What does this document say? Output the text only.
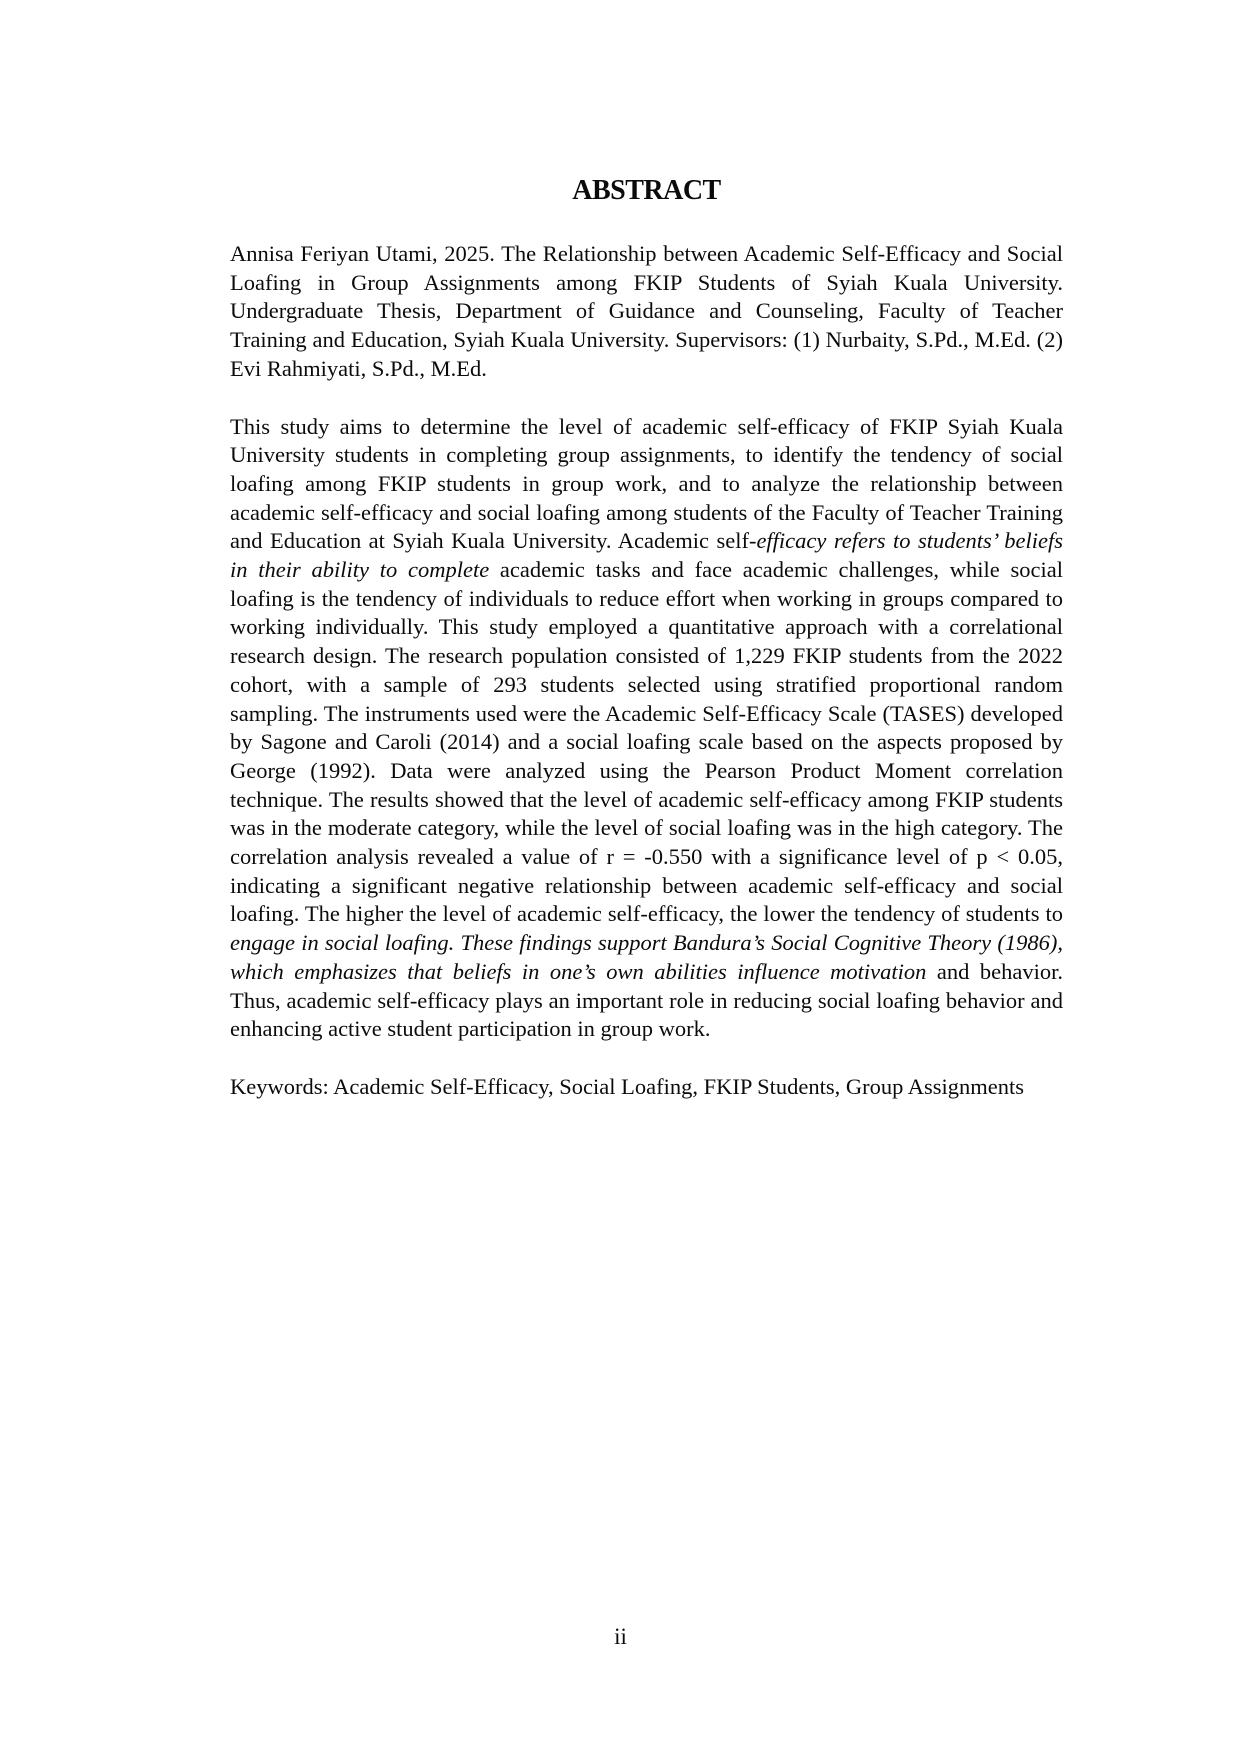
ABSTRACT

Annisa Feriyan Utami, 2025. The Relationship between Academic Self-Efficacy and Social Loafing in Group Assignments among FKIP Students of Syiah Kuala University. Undergraduate Thesis, Department of Guidance and Counseling, Faculty of Teacher Training and Education, Syiah Kuala University. Supervisors: (1) Nurbaity, S.Pd., M.Ed. (2) Evi Rahmiyati, S.Pd., M.Ed.

This study aims to determine the level of academic self-efficacy of FKIP Syiah Kuala University students in completing group assignments, to identify the tendency of social loafing among FKIP students in group work, and to analyze the relationship between academic self-efficacy and social loafing among students of the Faculty of Teacher Training and Education at Syiah Kuala University. Academic self-efficacy refers to students’ beliefs in their ability to complete academic tasks and face academic challenges, while social loafing is the tendency of individuals to reduce effort when working in groups compared to working individually. This study employed a quantitative approach with a correlational research design. The research population consisted of 1,229 FKIP students from the 2022 cohort, with a sample of 293 students selected using stratified proportional random sampling. The instruments used were the Academic Self-Efficacy Scale (TASES) developed by Sagone and Caroli (2014) and a social loafing scale based on the aspects proposed by George (1992). Data were analyzed using the Pearson Product Moment correlation technique. The results showed that the level of academic self-efficacy among FKIP students was in the moderate category, while the level of social loafing was in the high category. The correlation analysis revealed a value of r = -0.550 with a significance level of p < 0.05, indicating a significant negative relationship between academic self-efficacy and social loafing. The higher the level of academic self-efficacy, the lower the tendency of students to engage in social loafing. These findings support Bandura’s Social Cognitive Theory (1986), which emphasizes that beliefs in one’s own abilities influence motivation and behavior. Thus, academic self-efficacy plays an important role in reducing social loafing behavior and enhancing active student participation in group work.

Keywords: Academic Self-Efficacy, Social Loafing, FKIP Students, Group Assignments

ii
